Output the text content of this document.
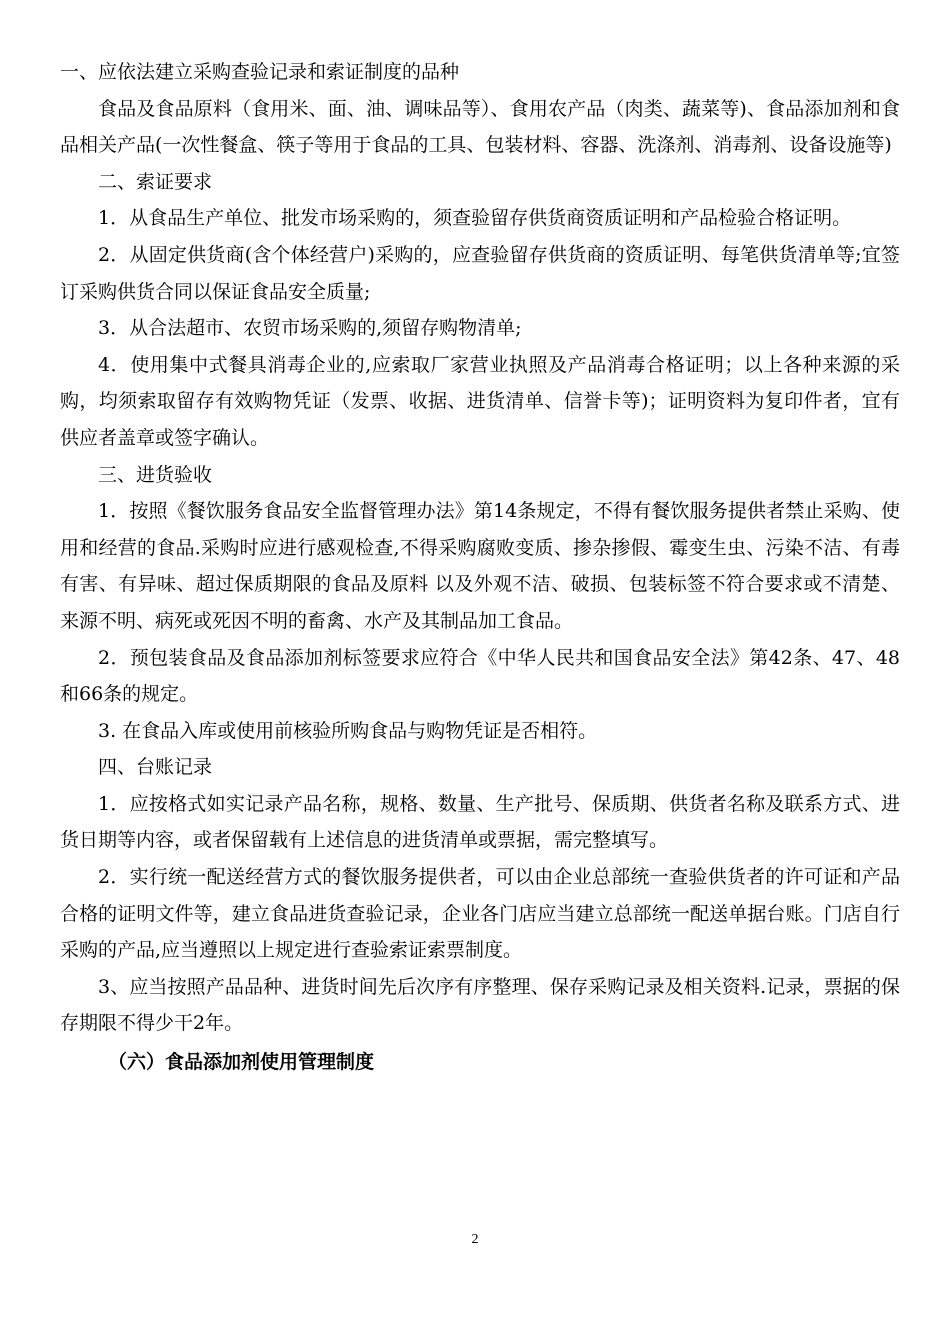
一、应依法建立采购查验记录和索证制度的品种

食品及食品原料（食用米、面、油、调味品等）、食用农产品（肉类、蔬菜等)、食品添加剂和食品相关产品(一次性餐盒、筷子等用于食品的工具、包装材料、容器、洗涤剂、消毒剂、设备设施等)

二、索证要求

1．从食品生产单位、批发市场采购的，须查验留存供货商资质证明和产品检验合格证明。

2．从固定供货商(含个体经营户)采购的，应查验留存供货商的资质证明、每笔供货清单等;宜签订采购供货合同以保证食品安全质量;

3．从合法超市、农贸市场采购的,须留存购物清单;

4．使用集中式餐具消毒企业的,应索取厂家营业执照及产品消毒合格证明；以上各种来源的采购，均须索取留存有效购物凭证（发票、收据、进货清单、信誉卡等)；证明资料为复印件者，宜有供应者盖章或签字确认。

三、进货验收

1．按照《餐饮服务食品安全监督管理办法》第14条规定，不得有餐饮服务提供者禁止采购、使用和经营的食品.采购时应进行感观检查,不得采购腐败变质、掺杂掺假、霉变生虫、污染不洁、有毒有害、有异味、超过保质期限的食品及原料 以及外观不洁、破损、包装标签不符合要求或不清楚、来源不明、病死或死因不明的畜禽、水产及其制品加工食品。

2．预包装食品及食品添加剂标签要求应符合《中华人民共和国食品安全法》第42条、47、48和66条的规定。

3. 在食品入库或使用前核验所购食品与购物凭证是否相符。

四、台账记录

1．应按格式如实记录产品名称，规格、数量、生产批号、保质期、供货者名称及联系方式、进货日期等内容，或者保留载有上述信息的进货清单或票据，需完整填写。

2．实行统一配送经营方式的餐饮服务提供者，可以由企业总部统一查验供货者的许可证和产品合格的证明文件等，建立食品进货查验记录，企业各门店应当建立总部统一配送单据台账。门店自行采购的产品,应当遵照以上规定进行查验索证索票制度。

3、应当按照产品品种、进货时间先后次序有序整理、保存采购记录及相关资料.记录，票据的保存期限不得少干2年。

（六）食品添加剂使用管理制度

2
